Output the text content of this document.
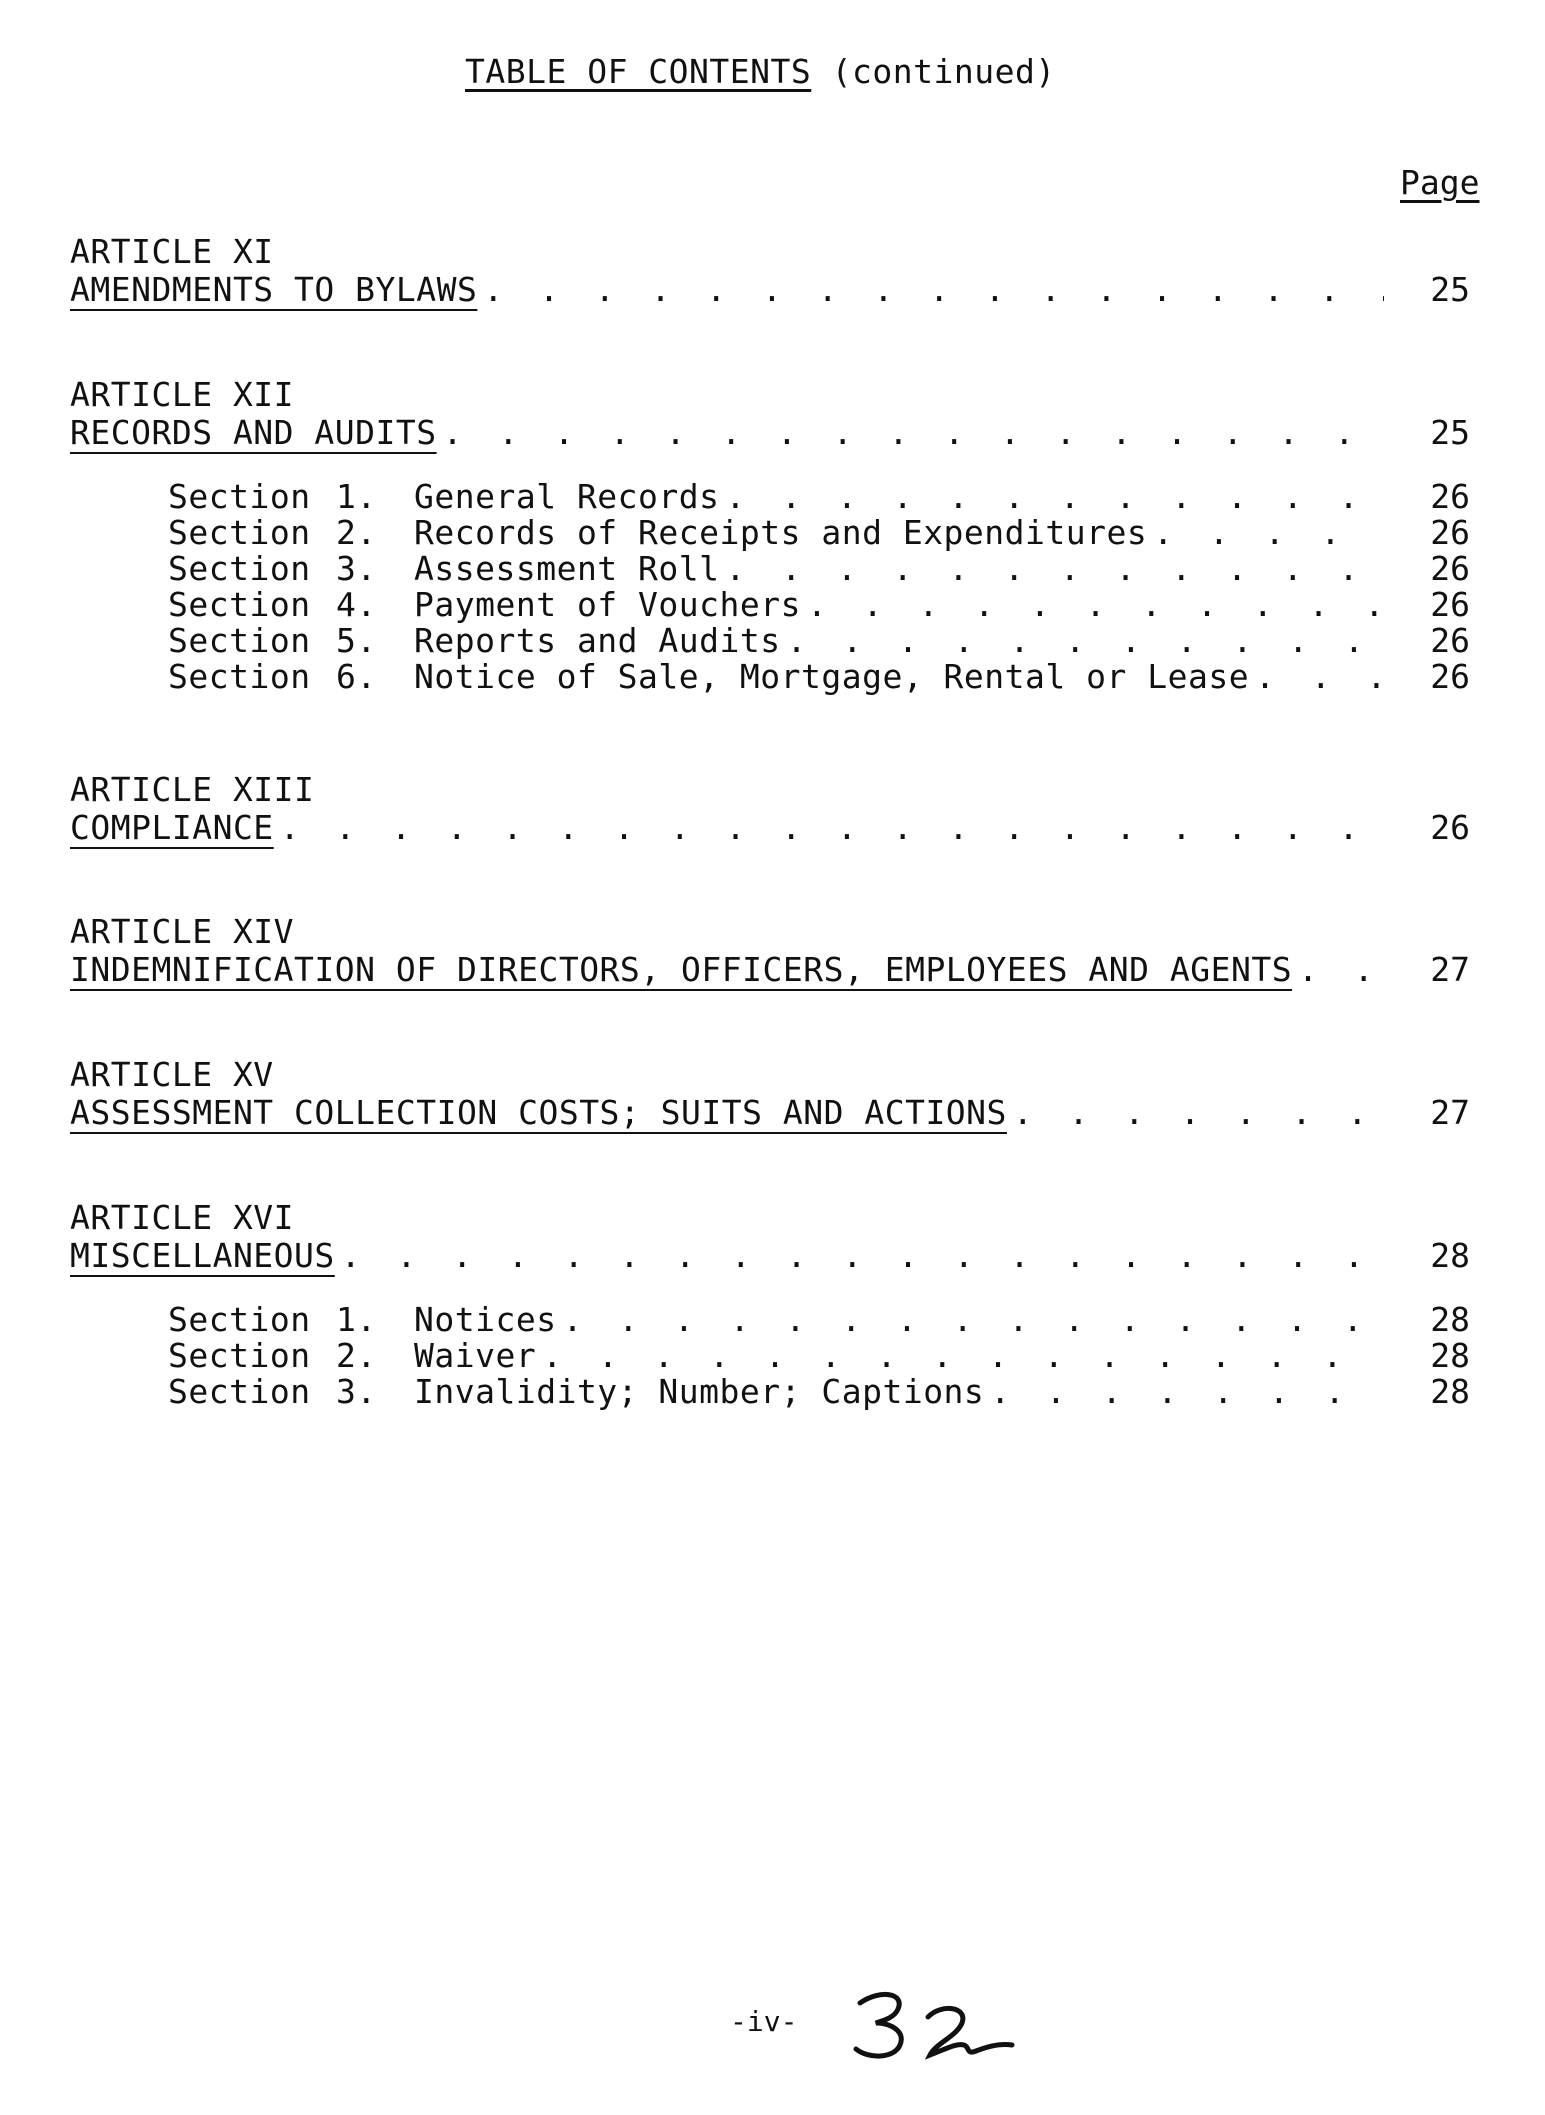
TABLE OF CONTENTS (continued)
Page
ARTICLE XI
AMENDMENTS TO BYLAWS . . .	25
ARTICLE XII
RECORDS AND AUDITS . . .	25
Section 1. General Records . . .	26
Section 2. Records of Receipts and Expenditures . . .	26
Section 3. Assessment Roll . . .	26
Section 4. Payment of Vouchers . . .	26
Section 5. Reports and Audits . . .	26
Section 6. Notice of Sale, Mortgage, Rental or Lease . . .	26
ARTICLE XIII
COMPLIANCE . . .	26
ARTICLE XIV
INDEMNIFICATION OF DIRECTORS, OFFICERS, EMPLOYEES AND AGENTS . . .	27
ARTICLE XV
ASSESSMENT COLLECTION COSTS; SUITS AND ACTIONS . . .	27
ARTICLE XVI
MISCELLANEOUS . . .	28
Section 1. Notices . . .	28
Section 2. Waiver . . .	28
Section 3. Invalidity; Number; Captions . . .	28
-iv-
